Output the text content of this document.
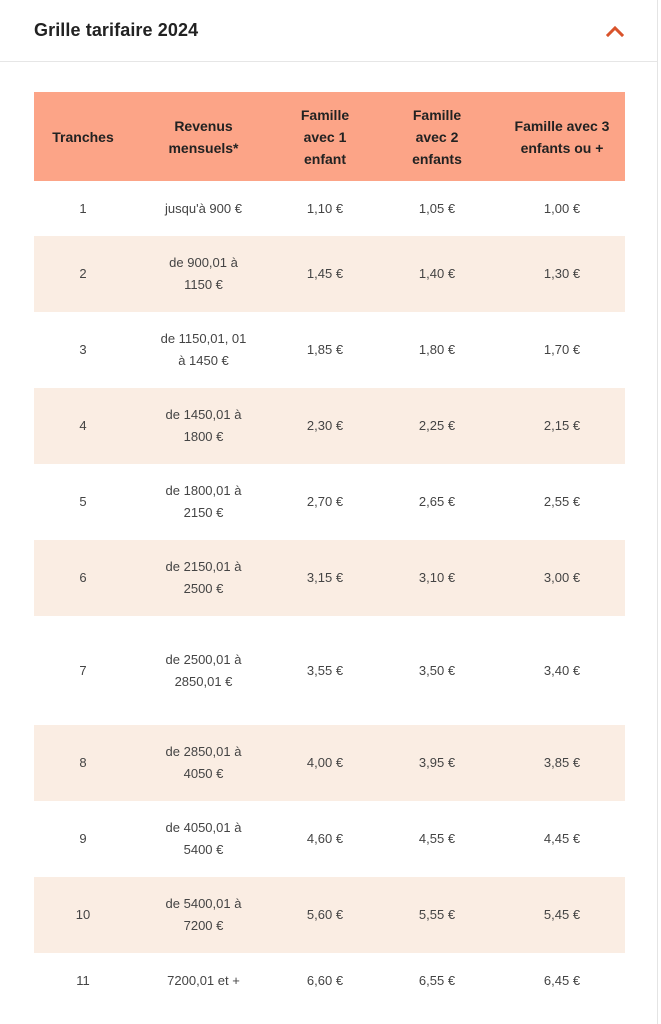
Grille tarifaire 2024
Tranches	Revenus mensuels*	Famille avec 1 enfant	Famille avec 2 enfants	Famille avec 3 enfants ou +
1	jusqu'à 900 €	1,10 €	1,05 €	1,00 €
2	de 900,01 à 1150 €	1,45 €	1,40 €	1,30 €
3	de 1150,01, 01 à 1450 €	1,85 €	1,80 €	1,70 €
4	de 1450,01 à 1800 €	2,30 €	2,25 €	2,15 €
5	de 1800,01 à 2150 €	2,70 €	2,65 €	2,55 €
6	de 2150,01 à 2500 €	3,15 €	3,10 €	3,00 €
7	de 2500,01 à 2850,01 €	3,55 €	3,50 €	3,40 €
8	de 2850,01 à 4050 €	4,00 €	3,95 €	3,85 €
9	de 4050,01 à 5400 €	4,60 €	4,55 €	4,45 €
10	de 5400,01 à 7200 €	5,60 €	5,55 €	5,45 €
11	7200,01 et +	6,60 €	6,55 €	6,45 €
